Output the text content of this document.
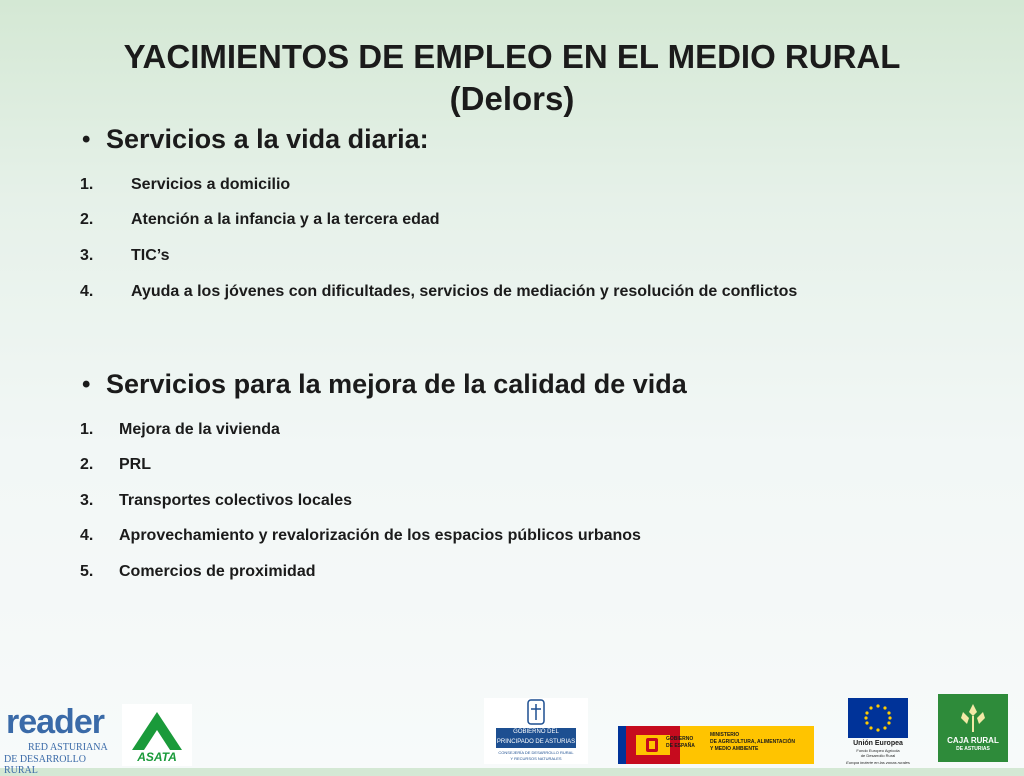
YACIMIENTOS DE EMPLEO EN EL MEDIO RURAL
(Delors)
• Servicios a la vida diaria:
1.	Servicios a domicilio
2.	Atención a la infancia y a la tercera edad
3.	TIC’s
4.	Ayuda a los jóvenes con dificultades, servicios de mediación y resolución de conflictos
• Servicios para la mejora de la calidad de vida
1.	Mejora de la vivienda
2.	PRL
3.	Transportes colectivos locales
4.	Aprovechamiento y revalorización de los espacios públicos urbanos
5.	Comercios de proximidad
reader
RED ASTURIANA
DE DESARROLLO RURAL
ASATA
GOBIERNO DEL
PRINCIPADO DE ASTURIAS
CONSEJERÍA DE DESARROLLO RURAL
Y RECURSOS NATURALES
GOBIERNO
DE ESPAÑA
MINISTERIO
DE AGRICULTURA, ALIMENTACIÓN
Y MEDIO AMBIENTE
Unión Europea
Fondo Europeo Agrícola
de Desarrollo Rural
Europa invierte en las zonas rurales
CAJA RURAL
DE ASTURIAS
